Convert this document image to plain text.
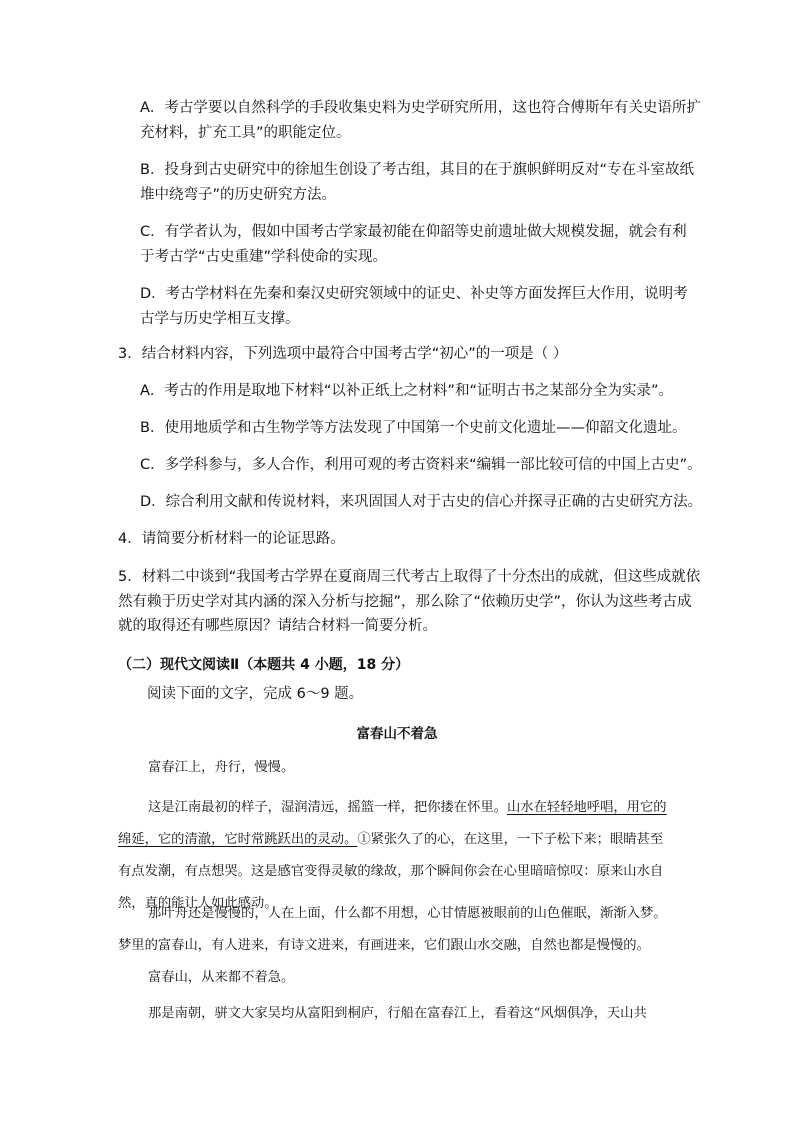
A．考古学要以自然科学的手段收集史料为史学研究所用，这也符合傅斯年有关史语所扩
充材料，扩充工具”的职能定位。
B．投身到古史研究中的徐旭生创设了考古组，其目的在于旗帜鲜明反对“专在斗室故纸
堆中绕弯子”的历史研究方法。
C．有学者认为，假如中国考古学家最初能在仰韶等史前遗址做大规模发掘，就会有利
于考古学“古史重建”学科使命的实现。
D．考古学材料在先秦和秦汉史研究领域中的证史、补史等方面发挥巨大作用，说明考
古学与历史学相互支撑。
3．结合材料内容，下列选项中最符合中国考古学“初心”的一项是（ ）
A．考古的作用是取地下材料“以补正纸上之材料”和“证明古书之某部分全为实录”。
B．使用地质学和古生物学等方法发现了中国第一个史前文化遗址——仰韶文化遗址。
C．多学科参与，多人合作，利用可观的考古资料来“编辑一部比较可信的中国上古史”。
D．综合利用文献和传说材料，来巩固国人对于古史的信心并探寻正确的古史研究方法。
4．请简要分析材料一的论证思路。
5．材料二中谈到“我国考古学界在夏商周三代考古上取得了十分杰出的成就，但这些成就依
然有赖于历史学对其内涵的深入分析与挖掘”，那么除了“依赖历史学”，你认为这些考古成
就的取得还有哪些原因？请结合材料一简要分析。
（二）现代文阅读Ⅱ（本题共 4 小题，18 分）
阅读下面的文字，完成 6～9 题。
富春山不着急
富春江上，舟行，慢慢。
这是江南最初的样子，湿润清远，摇篮一样，把你搂在怀里。山水在轻轻地呼唱，用它的绵延，它的清澈，它时常跳跃出的灵动。①紧张久了的心，在这里，一下子松下来；眼睛甚至有点发潮，有点想哭。这是感官变得灵敏的缘故，那个瞬间你会在心里暗暗惊叹：原来山水自然，真的能让人如此感动。
那叶舟还是慢慢的，人在上面，什么都不用想，心甘情愿被眼前的山色催眠，渐渐入梦。梦里的富春山，有人进来，有诗文进来，有画进来，它们跟山水交融，自然也都是慢慢的。
富春山，从来都不着急。
那是南朝，骈文大家吴均从富阳到桐庐，行船在富春江上，看着这“风烟俱净，天山共
